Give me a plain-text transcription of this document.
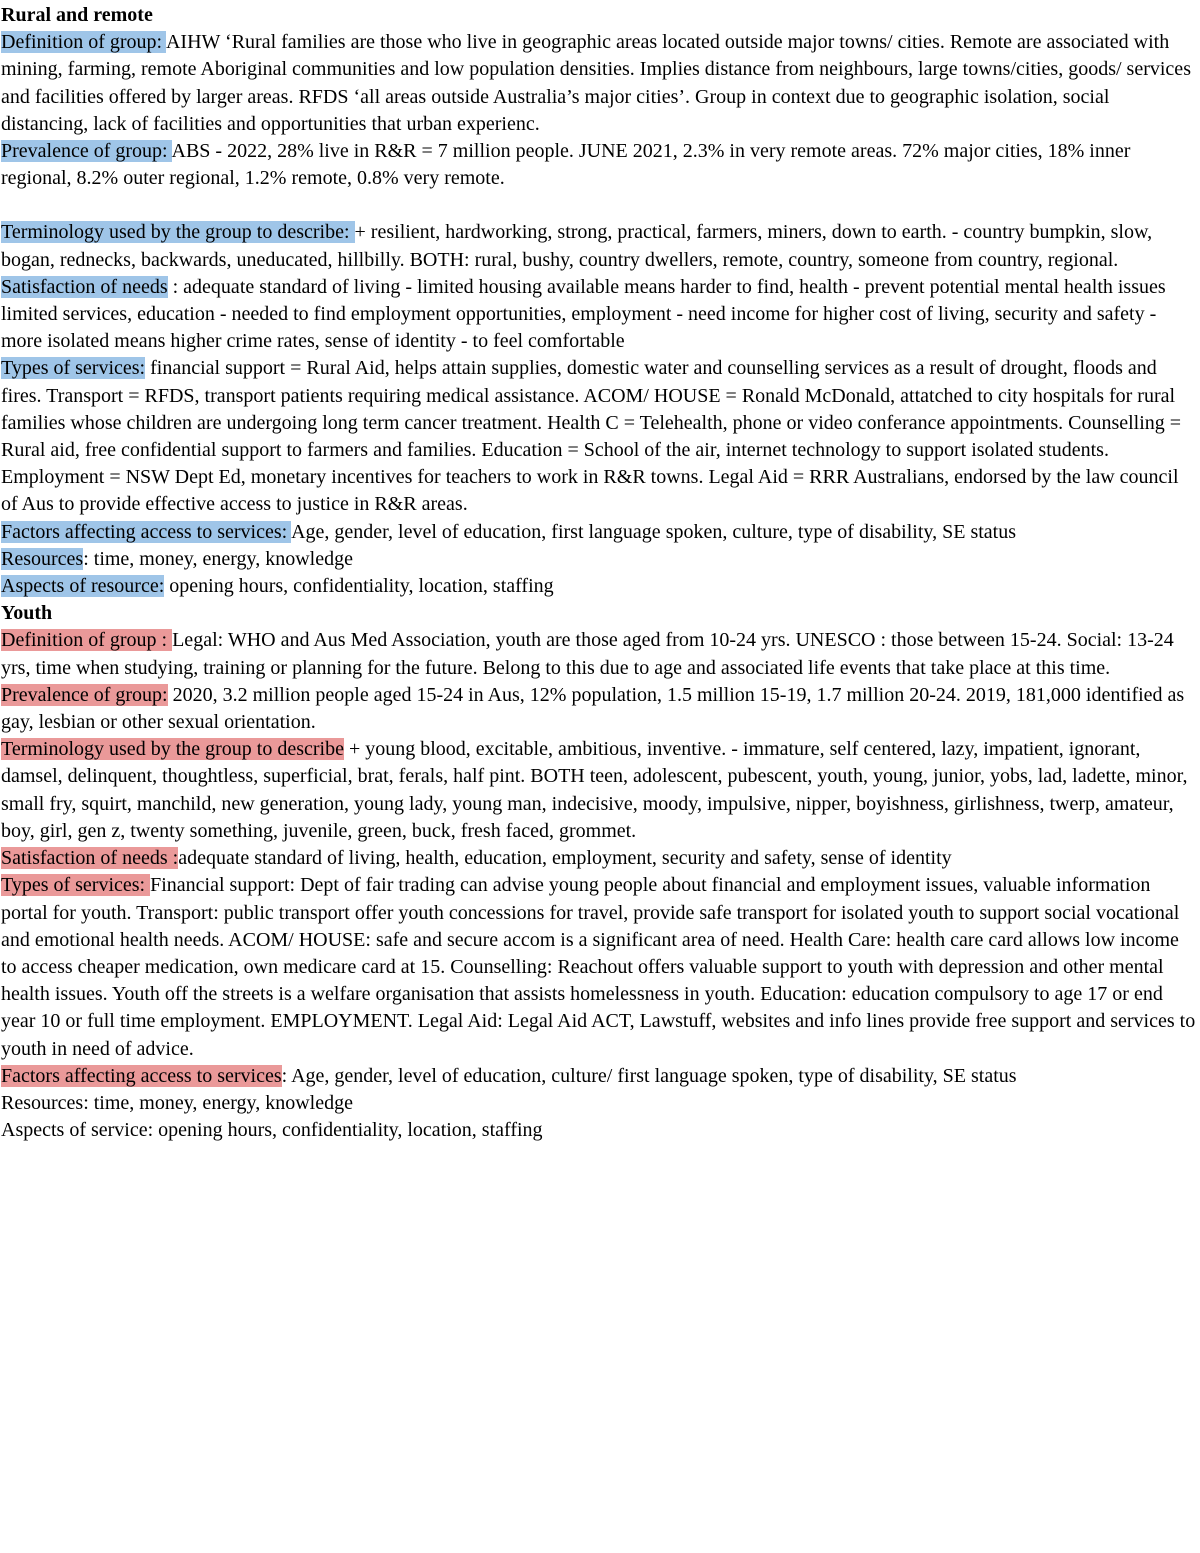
Rural and remote

Definition of group: AIHW ‘Rural families are those who live in geographic areas located outside major towns/ cities. Remote are associated with mining, farming, remote Aboriginal communities and low population densities. Implies distance from neighbours, large towns/cities, goods/ services and facilities offered by larger areas. RFDS ‘all areas outside Australia’s major cities’. Group in context due to geographic isolation, social distancing, lack of facilities and opportunities that urban experienc.

Prevalence of group: ABS - 2022, 28% live in R&R = 7 million people. JUNE 2021, 2.3% in very remote areas. 72% major cities, 18% inner regional, 8.2% outer regional, 1.2% remote, 0.8% very remote.

Terminology used by the group to describe: + resilient, hardworking, strong, practical, farmers, miners, down to earth. - country bumpkin, slow, bogan, rednecks, backwards, uneducated, hillbilly. BOTH: rural, bushy, country dwellers, remote, country, someone from country, regional.

Satisfaction of needs : adequate standard of living - limited housing available means harder to find, health - prevent potential mental health issues limited services, education - needed to find employment opportunities, employment - need income for higher cost of living, security and safety - more isolated means higher crime rates, sense of identity - to feel comfortable

Types of services: financial support = Rural Aid, helps attain supplies, domestic water and counselling services as a result of drought, floods and fires. Transport = RFDS, transport patients requiring medical assistance. ACOM/ HOUSE = Ronald McDonald, attatched to city hospitals for rural families whose children are undergoing long term cancer treatment. Health C = Telehealth, phone or video conferance appointments. Counselling = Rural aid, free confidential support to farmers and families. Education = School of the air, internet technology to support isolated students. Employment = NSW Dept Ed, monetary incentives for teachers to work in R&R towns. Legal Aid = RRR Australians, endorsed by the law council of Aus to provide effective access to justice in R&R areas.

Factors affecting access to services: Age, gender, level of education, first language spoken, culture, type of disability, SE status

Resources: time, money, energy, knowledge

Aspects of resource: opening hours, confidentiality, location, staffing

Youth

Definition of group : Legal: WHO and Aus Med Association, youth are those aged from 10-24 yrs. UNESCO : those between 15-24. Social: 13-24 yrs, time when studying, training or planning for the future. Belong to this due to age and associated life events that take place at this time.

Prevalence of group: 2020, 3.2 million people aged 15-24 in Aus, 12% population, 1.5 million 15-19, 1.7 million 20-24. 2019, 181,000 identified as gay, lesbian or other sexual orientation.

Terminology used by the group to describe + young blood, excitable, ambitious, inventive. - immature, self centered, lazy, impatient, ignorant, damsel, delinquent, thoughtless, superficial, brat, ferals, half pint. BOTH teen, adolescent, pubescent, youth, young, junior, yobs, lad, ladette, minor, small fry, squirt, manchild, new generation, young lady, young man, indecisive, moody, impulsive, nipper, boyishness, girlishness, twerp, amateur, boy, girl, gen z, twenty something, juvenile, green, buck, fresh faced, grommet.

Satisfaction of needs :adequate standard of living, health, education, employment, security and safety, sense of identity

Types of services: Financial support: Dept of fair trading can advise young people about financial and employment issues, valuable information portal for youth. Transport: public transport offer youth concessions for travel, provide safe transport for isolated youth to support social vocational and emotional health needs. ACOM/ HOUSE: safe and secure accom is a significant area of need. Health Care: health care card allows low income to access cheaper medication, own medicare card at 15. Counselling: Reachout offers valuable support to youth with depression and other mental health issues. Youth off the streets is a welfare organisation that assists homelessness in youth. Education: education compulsory to age 17 or end year 10 or full time employment. EMPLOYMENT. Legal Aid: Legal Aid ACT, Lawstuff, websites and info lines provide free support and services to youth in need of advice.

Factors affecting access to services: Age, gender, level of education, culture/ first language spoken, type of disability, SE status

Resources: time, money, energy, knowledge

Aspects of service: opening hours, confidentiality, location, staffing
